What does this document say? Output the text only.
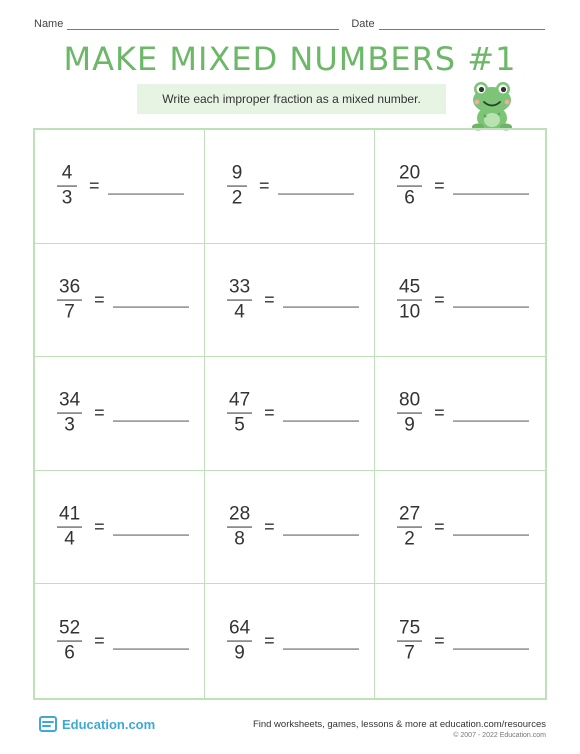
Name	Date
MAKE MIXED NUMBERS #1
Write each improper fraction as a mixed number.
$\frac{4}{3}$ =	$\frac{9}{2}$ =	$\frac{20}{6}$ =
$\frac{36}{7}$ =	$\frac{33}{4}$ =	$\frac{45}{10}$ =
$\frac{34}{3}$ =	$\frac{47}{5}$ =	$\frac{80}{9}$ =
$\frac{41}{4}$ =	$\frac{28}{8}$ =	$\frac{27}{2}$ =
$\frac{52}{6}$ =	$\frac{64}{9}$ =	$\frac{75}{7}$ =
Education.com	Find worksheets, games, lessons & more at education.com/resources
© 2007 - 2022 Education.com
